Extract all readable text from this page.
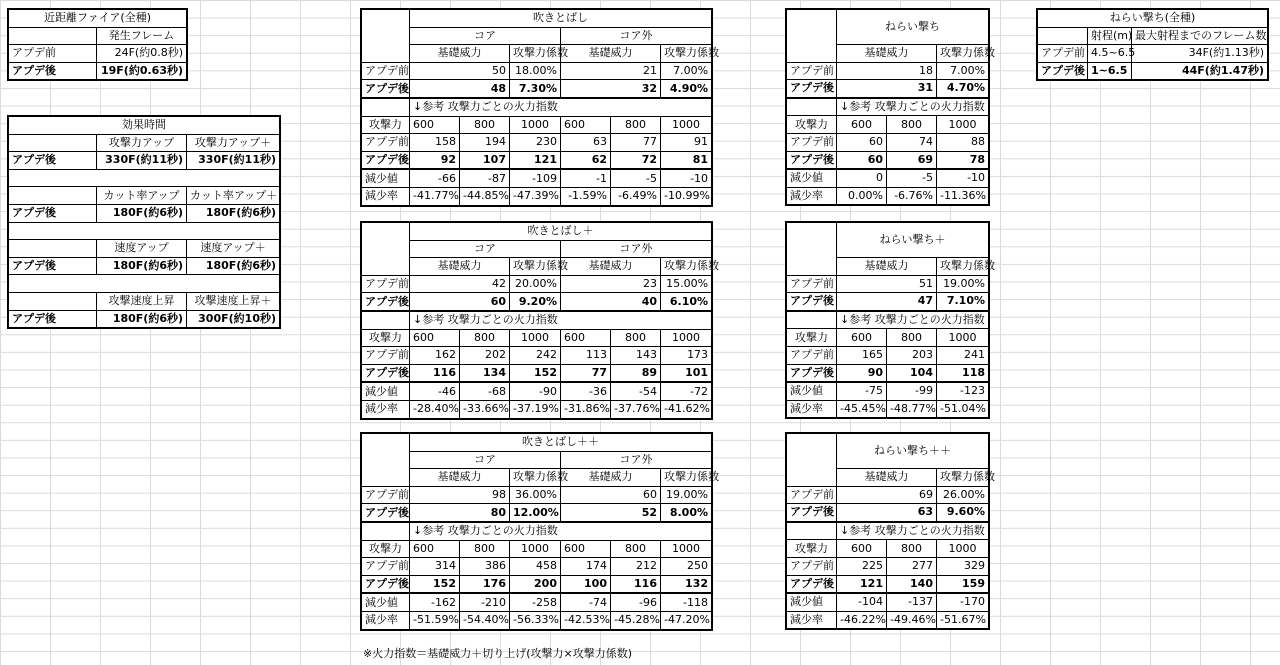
近距離ファイア(全種)	
	発生フレーム
アプデ前	24F(約0.8秒)
アプデ後	19F(約0.63秒)
効果時間		
	攻撃力アップ	攻撃力アップ＋
アプデ後	330F(約11秒)	330F(約11秒)

	カット率アップ	カット率アップ＋
アプデ後	180F(約6秒)	180F(約6秒)

	速度アップ	速度アップ＋
アプデ後	180F(約6秒)	180F(約6秒)

	攻撃速度上昇	攻撃速度上昇＋
アプデ後	180F(約6秒)	300F(約10秒)
	吹きとばし					
	コア			コア外		
	基礎威力		攻撃力係数	基礎威力		攻撃力係数
アプデ前	50		18.00%	21		7.00%
アプデ後	48		7.30%	32		4.90%
	↓参考 攻撃力ごとの火力指数					
攻撃力	600	800	1000	600	800	1000
アプデ前	158	194	230	63	77	91
アプデ後	92	107	121	62	72	81
減少値	-66	-87	-109	-1	-5	-10
減少率	-41.77%	-44.85%	-47.39%	-1.59%	-6.49%	-10.99%
	吹きとばし＋					
	コア			コア外		
	基礎威力		攻撃力係数	基礎威力		攻撃力係数
アプデ前	42		20.00%	23		15.00%
アプデ後	60		9.20%	40		6.10%
	↓参考 攻撃力ごとの火力指数					
攻撃力	600	800	1000	600	800	1000
アプデ前	162	202	242	113	143	173
アプデ後	116	134	152	77	89	101
減少値	-46	-68	-90	-36	-54	-72
減少率	-28.40%	-33.66%	-37.19%	-31.86%	-37.76%	-41.62%
	吹きとばし＋＋					
	コア			コア外		
	基礎威力		攻撃力係数	基礎威力		攻撃力係数
アプデ前	98		36.00%	60		19.00%
アプデ後	80		12.00%	52		8.00%
	↓参考 攻撃力ごとの火力指数					
攻撃力	600	800	1000	600	800	1000
アプデ前	314	386	458	174	212	250
アプデ後	152	176	200	100	116	132
減少値	-162	-210	-258	-74	-96	-118
減少率	-51.59%	-54.40%	-56.33%	-42.53%	-45.28%	-47.20%
	ねらい撃ち		
	基礎威力		攻撃力係数
アプデ前	18		7.00%
アプデ後	31		4.70%
	↓参考 攻撃力ごとの火力指数		
攻撃力	600	800	1000
アプデ前	60	74	88
アプデ後	60	69	78
減少値	0	-5	-10
減少率	0.00%	-6.76%	-11.36%
	ねらい撃ち＋		
	基礎威力		攻撃力係数
アプデ前	51		19.00%
アプデ後	47		7.10%
	↓参考 攻撃力ごとの火力指数		
攻撃力	600	800	1000
アプデ前	165	203	241
アプデ後	90	104	118
減少値	-75	-99	-123
減少率	-45.45%	-48.77%	-51.04%
	ねらい撃ち＋＋		
	基礎威力		攻撃力係数
アプデ前	69		26.00%
アプデ後	63		9.60%
	↓参考 攻撃力ごとの火力指数		
攻撃力	600	800	1000
アプデ前	225	277	329
アプデ後	121	140	159
減少値	-104	-137	-170
減少率	-46.22%	-49.46%	-51.67%
ねらい撃ち(全種)		
	射程(m)	最大射程までのフレーム数
アプデ前	4.5~6.5	34F(約1.13秒)
アプデ後	1~6.5	44F(約1.47秒)
※火力指数＝基礎威力＋切り上げ(攻撃力×攻撃力係数)
